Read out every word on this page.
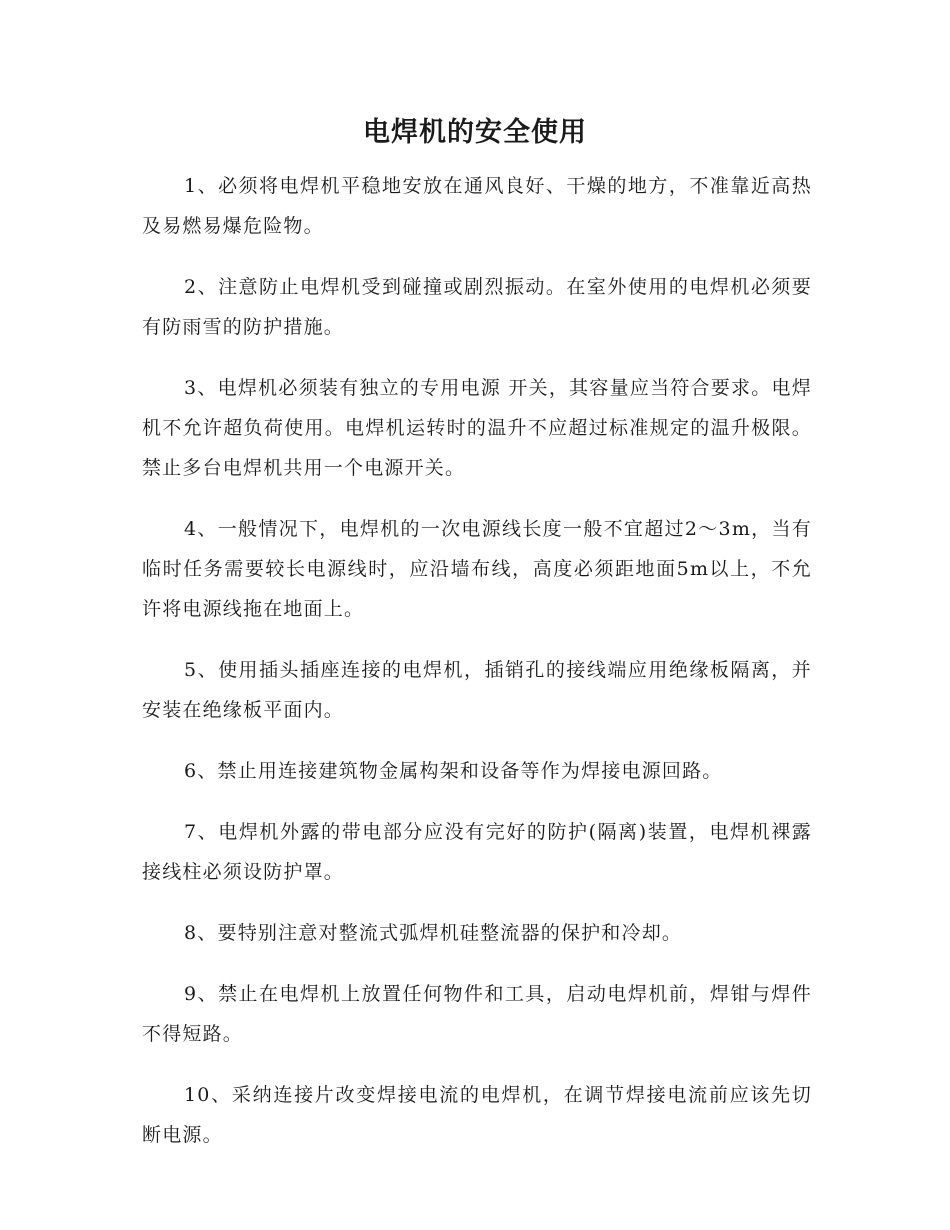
电焊机的安全使用

1、必须将电焊机平稳地安放在通风良好、干燥的地方，不准靠近高热及易燃易爆危险物。

2、注意防止电焊机受到碰撞或剧烈振动。在室外使用的电焊机必须要有防雨雪的防护措施。

3、电焊机必须装有独立的专用电源 开关，其容量应当符合要求。电焊机不允许超负荷使用。电焊机运转时的温升不应超过标准规定的温升极限。禁止多台电焊机共用一个电源开关。

4、一般情况下，电焊机的一次电源线长度一般不宜超过2～3m，当有临时任务需要较长电源线时，应沿墙布线，高度必须距地面5m以上，不允许将电源线拖在地面上。

5、使用插头插座连接的电焊机，插销孔的接线端应用绝缘板隔离，并安装在绝缘板平面内。

6、禁止用连接建筑物金属构架和设备等作为焊接电源回路。

7、电焊机外露的带电部分应没有完好的防护(隔离)装置，电焊机裸露接线柱必须设防护罩。

8、要特别注意对整流式弧焊机硅整流器的保护和冷却。

9、禁止在电焊机上放置任何物件和工具，启动电焊机前，焊钳与焊件不得短路。

10、采纳连接片改变焊接电流的电焊机，在调节焊接电流前应该先切断电源。
